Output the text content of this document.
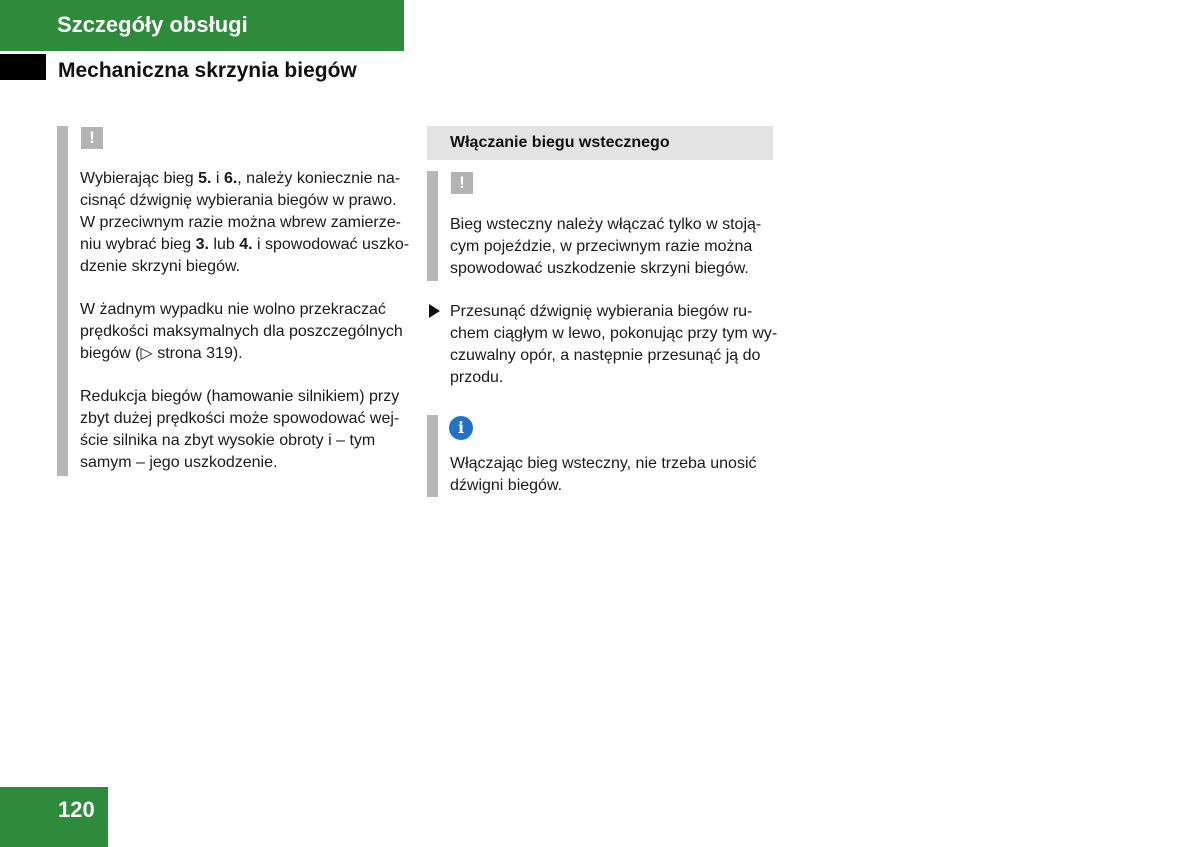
Szczegóły obsługi
Mechaniczna skrzynia biegów
!

Wybierając bieg 5. i 6., należy koniecznie na-

cisnąć dźwignię wybierania biegów w prawo.

W przeciwnym razie można wbrew zamierze-

niu wybrać bieg 3. lub 4. i spowodować uszko-

dzenie skrzyni biegów.

W żadnym wypadku nie wolno przekraczać

prędkości maksymalnych dla poszczególnych

biegów (▷ strona 319).

Redukcja biegów (hamowanie silnikiem) przy

zbyt dużej prędkości może spowodować wej-

ście silnika na zbyt wysokie obroty i – tym

samym – jego uszkodzenie.

Włączanie biegu wstecznego
!

Bieg wsteczny należy włączać tylko w stoją-

cym pojeździe, w przeciwnym razie można

spowodować uszkodzenie skrzyni biegów.

Przesunąć dźwignię wybierania biegów ru-

chem ciągłym w lewo, pokonując przy tym wy-

czuwalny opór, a następnie przesunąć ją do

przodu.

i

Włączając bieg wsteczny, nie trzeba unosić

dźwigni biegów.

120
